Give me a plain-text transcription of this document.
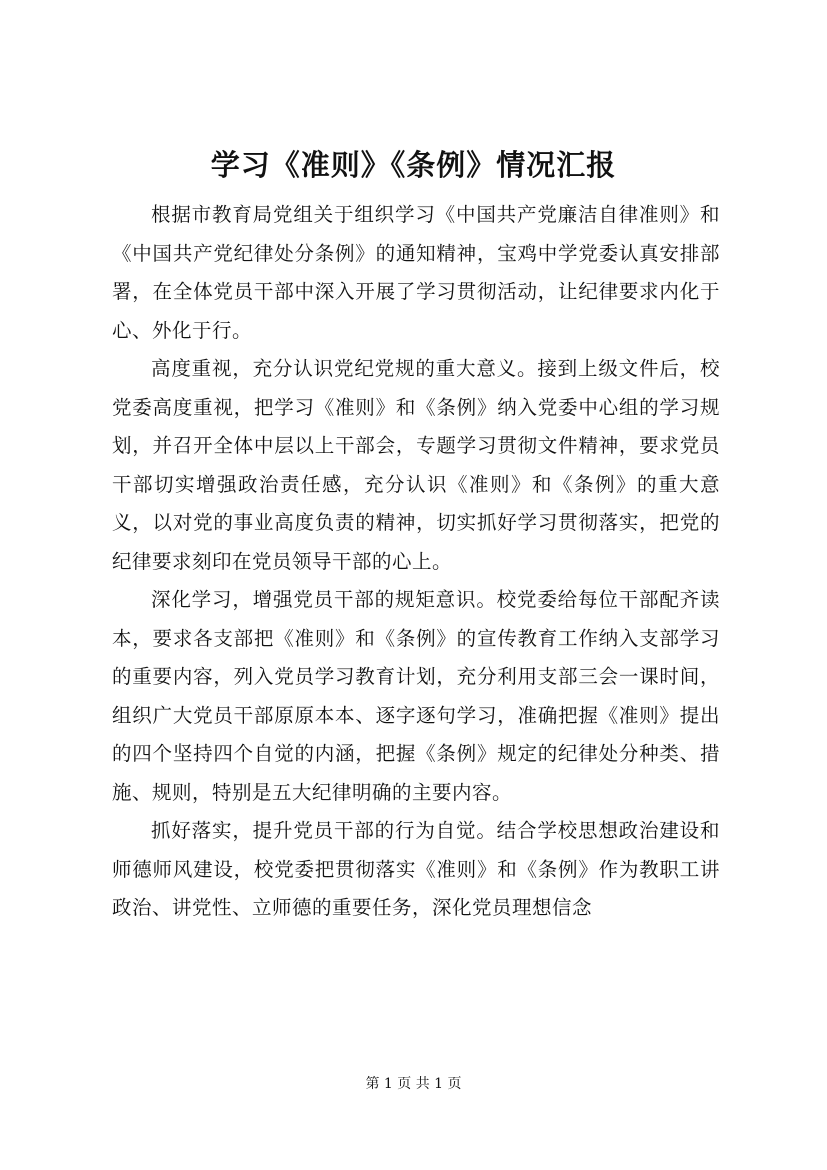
学习《准则》《条例》情况汇报

根据市教育局党组关于组织学习《中国共产党廉洁自律准则》和《中国共产党纪律处分条例》的通知精神，宝鸡中学党委认真安排部署，在全体党员干部中深入开展了学习贯彻活动，让纪律要求内化于心、外化于行。

高度重视，充分认识党纪党规的重大意义。接到上级文件后，校党委高度重视，把学习《准则》和《条例》纳入党委中心组的学习规划，并召开全体中层以上干部会，专题学习贯彻文件精神，要求党员干部切实增强政治责任感，充分认识《准则》和《条例》的重大意义，以对党的事业高度负责的精神，切实抓好学习贯彻落实，把党的纪律要求刻印在党员领导干部的心上。

深化学习，增强党员干部的规矩意识。校党委给每位干部配齐读本，要求各支部把《准则》和《条例》的宣传教育工作纳入支部学习的重要内容，列入党员学习教育计划，充分利用支部三会一课时间，组织广大党员干部原原本本、逐字逐句学习，准确把握《准则》提出的四个坚持四个自觉的内涵，把握《条例》规定的纪律处分种类、措施、规则，特别是五大纪律明确的主要内容。

抓好落实，提升党员干部的行为自觉。结合学校思想政治建设和师德师风建设，校党委把贯彻落实《准则》和《条例》作为教职工讲政治、讲党性、立师德的重要任务，深化党员理想信念

第 1 页 共 1 页
